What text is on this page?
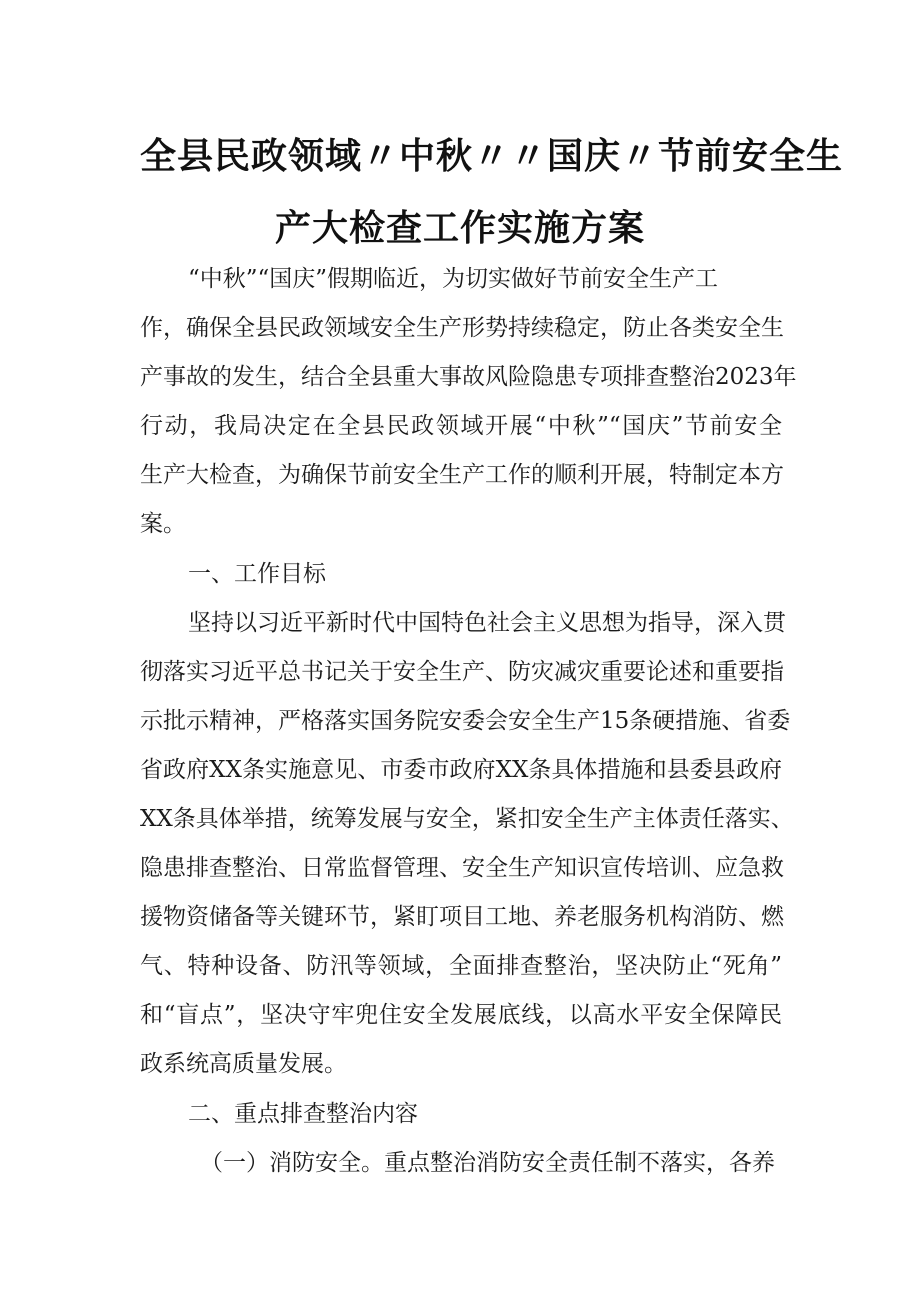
全县民政领域〃中秋〃〃国庆〃节前安全生
产大检查工作实施方案
“中秋”“国庆”假期临近，为切实做好节前安全生产工
作，确保全县民政领域安全生产形势持续稳定，防止各类安全生
产事故的发生，结合全县重大事故风险隐患专项排查整治2023年
行动，我局决定在全县民政领域开展“中秋”“国庆”节前安全
生产大检查，为确保节前安全生产工作的顺利开展，特制定本方
案。
一、工作目标
坚持以习近平新时代中国特色社会主义思想为指导，深入贯
彻落实习近平总书记关于安全生产、防灾减灾重要论述和重要指
示批示精神，严格落实国务院安委会安全生产15条硬措施、省委
省政府XX条实施意见、市委市政府XX条具体措施和县委县政府
XX条具体举措，统筹发展与安全，紧扣安全生产主体责任落实、
隐患排查整治、日常监督管理、安全生产知识宣传培训、应急救
援物资储备等关键环节，紧盯项目工地、养老服务机构消防、燃
气、特种设备、防汛等领域，全面排查整治，坚决防止“死角”
和“盲点”，坚决守牢兜住安全发展底线，以高水平安全保障民
政系统高质量发展。
二、重点排查整治内容
（一）消防安全。重点整治消防安全责任制不落实，各养
